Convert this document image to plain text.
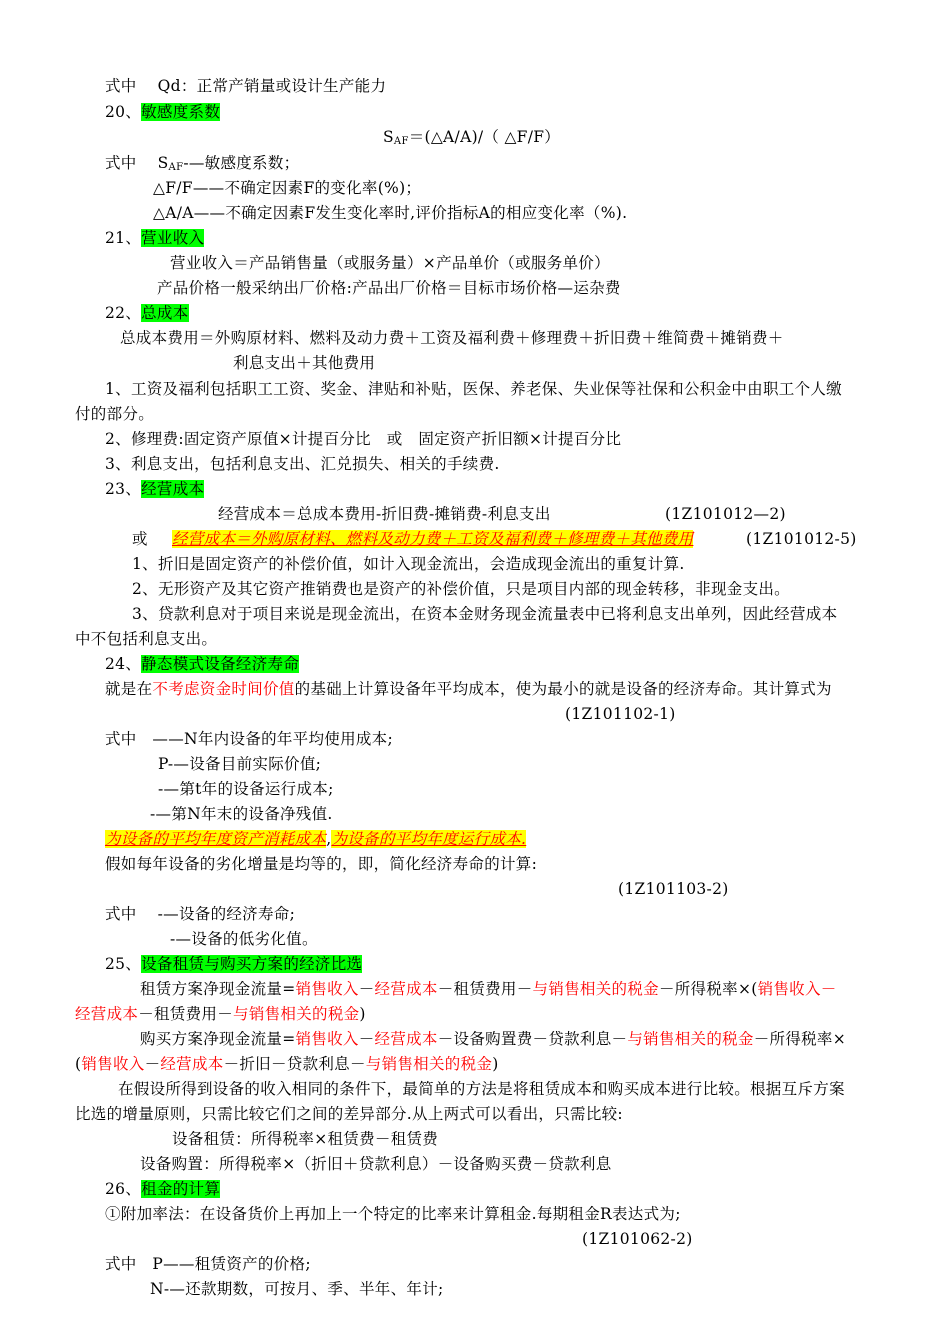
式中　 Qd：正常产销量或设计生产能力
20、敏感度系数
$S_{AF}=(\triangle A/A)/$（ △F/F）
式中　 $S_{AF}-—$敏感度系数；
△F/F——不确定因素F的变化率(%)；
△A/A——不确定因素F发生变化率时,评价指标A的相应变化率（%).
21、营业收入
营业收入＝产品销售量（或服务量）×产品单价（或服务单价）
产品价格一般采纳出厂价格:产品出厂价格＝目标市场价格—运杂费
22、总成本
总成本费用＝外购原材料、燃料及动力费＋工资及福利费＋修理费＋折旧费＋维简费＋摊销费＋
利息支出＋其他费用
1、工资及福利包括职工工资、奖金、津贴和补贴，医保、养老保、失业保等社保和公积金中由职工个人缴
付的部分。
2、修理费:固定资产原值×计提百分比　或　固定资产折旧额×计提百分比
3、利息支出，包括利息支出、汇兑损失、相关的手续费.
23、经营成本
经营成本＝总成本费用-折旧费-摊销费-利息支出	(1Z101012—2)
或 经营成本＝外购原材料、燃料及动力费＋工资及福利费＋修理费＋其他费用	(1Z101012-5)
1、折旧是固定资产的补偿价值，如计入现金流出，会造成现金流出的重复计算.
2、无形资产及其它资产推销费也是资产的补偿价值，只是项目内部的现金转移，非现金支出。
3、贷款利息对于项目来说是现金流出，在资本金财务现金流量表中已将利息支出单列，因此经营成本
中不包括利息支出。
24、静态模式设备经济寿命
就是在不考虑资金时间价值的基础上计算设备年平均成本，使为最小的就是设备的经济寿命。其计算式为
(1Z101102-1)
式中　——N年内设备的年平均使用成本;
P-—设备目前实际价值;
-—第t年的设备运行成本;
-—第N年末的设备净残值.
为设备的平均年度资产消耗成本,为设备的平均年度运行成本.
假如每年设备的劣化增量是均等的，即，简化经济寿命的计算:
(1Z101103-2)
式中　 -—设备的经济寿命;
-—设备的低劣化值。
25、设备租赁与购买方案的经济比选
租赁方案净现金流量=销售收入－经营成本－租赁费用－与销售相关的税金－所得税率×(销售收入－
经营成本－租赁费用－与销售相关的税金)
购买方案净现金流量=销售收入－经营成本－设备购置费－贷款利息－与销售相关的税金－所得税率×
(销售收入－经营成本－折旧－贷款利息－与销售相关的税金)
在假设所得到设备的收入相同的条件下，最简单的方法是将租赁成本和购买成本进行比较。根据互斥方案
比选的增量原则，只需比较它们之间的差异部分.从上两式可以看出，只需比较:
设备租赁：所得税率×租赁费－租赁费
设备购置：所得税率×（折旧＋贷款利息）－设备购买费－贷款利息
26、租金的计算
①附加率法：在设备货价上再加上一个特定的比率来计算租金.每期租金R表达式为;
(1Z101062-2)
式中　P——租赁资产的价格;
N-—还款期数，可按月、季、半年、年计;
